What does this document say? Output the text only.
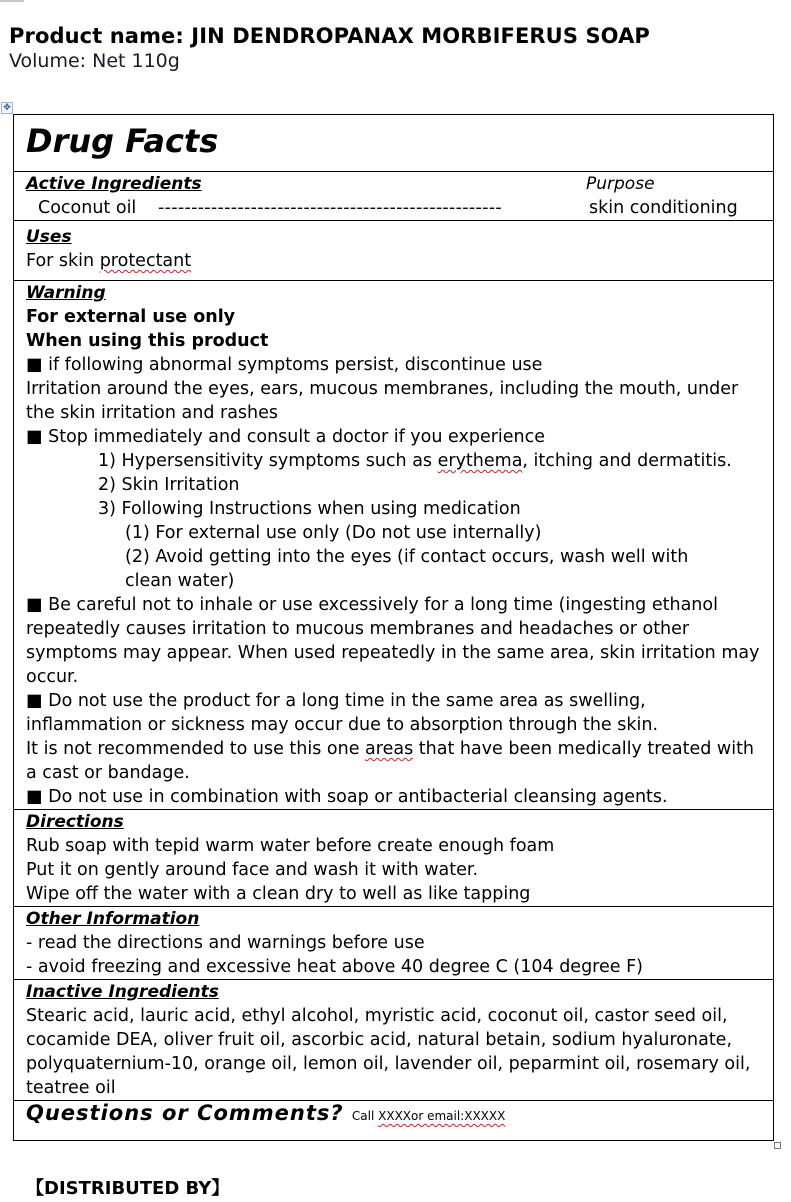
Product name: JIN DENDROPANAX MORBIFERUS SOAP
Volume: Net 110g
✥
Drug Facts
Active Ingredients	Purpose
Coconut oil ----------------------------------------------------	skin conditioning
Uses
For skin protectant
Warning
For external use only
When using this product
■ if following abnormal symptoms persist, discontinue use
Irritation around the eyes, ears, mucous membranes, including the mouth, under the skin irritation and rashes
■ Stop immediately and consult a doctor if you experience
1) Hypersensitivity symptoms such as erythema, itching and dermatitis.
2) Skin Irritation
3) Following Instructions when using medication
(1) For external use only (Do not use internally)
(2) Avoid getting into the eyes (if contact occurs, wash well with
clean water)
■ Be careful not to inhale or use excessively for a long time (ingesting ethanol repeatedly causes irritation to mucous membranes and headaches or other symptoms may appear. When used repeatedly in the same area, skin irritation may occur.
■ Do not use the product for a long time in the same area as swelling, inflammation or sickness may occur due to absorption through the skin.
It is not recommended to use this one areas that have been medically treated with a cast or bandage.
■ Do not use in combination with soap or antibacterial cleansing agents.
Directions
Rub soap with tepid warm water before create enough foam
Put it on gently around face and wash it with water.
Wipe off the water with a clean dry to well as like tapping
Other Information
- read the directions and warnings before use
- avoid freezing and excessive heat above 40 degree C (104 degree F)
Inactive Ingredients
Stearic acid, lauric acid, ethyl alcohol, myristic acid, coconut oil, castor seed oil, cocamide DEA, oliver fruit oil, ascorbic acid, natural betain, sodium hyaluronate, polyquaternium-10, orange oil, lemon oil, lavender oil, peparmint oil, rosemary oil, teatree oil
Questions or Comments? Call XXXXor email:XXXXX
【DISTRIBUTED BY】
